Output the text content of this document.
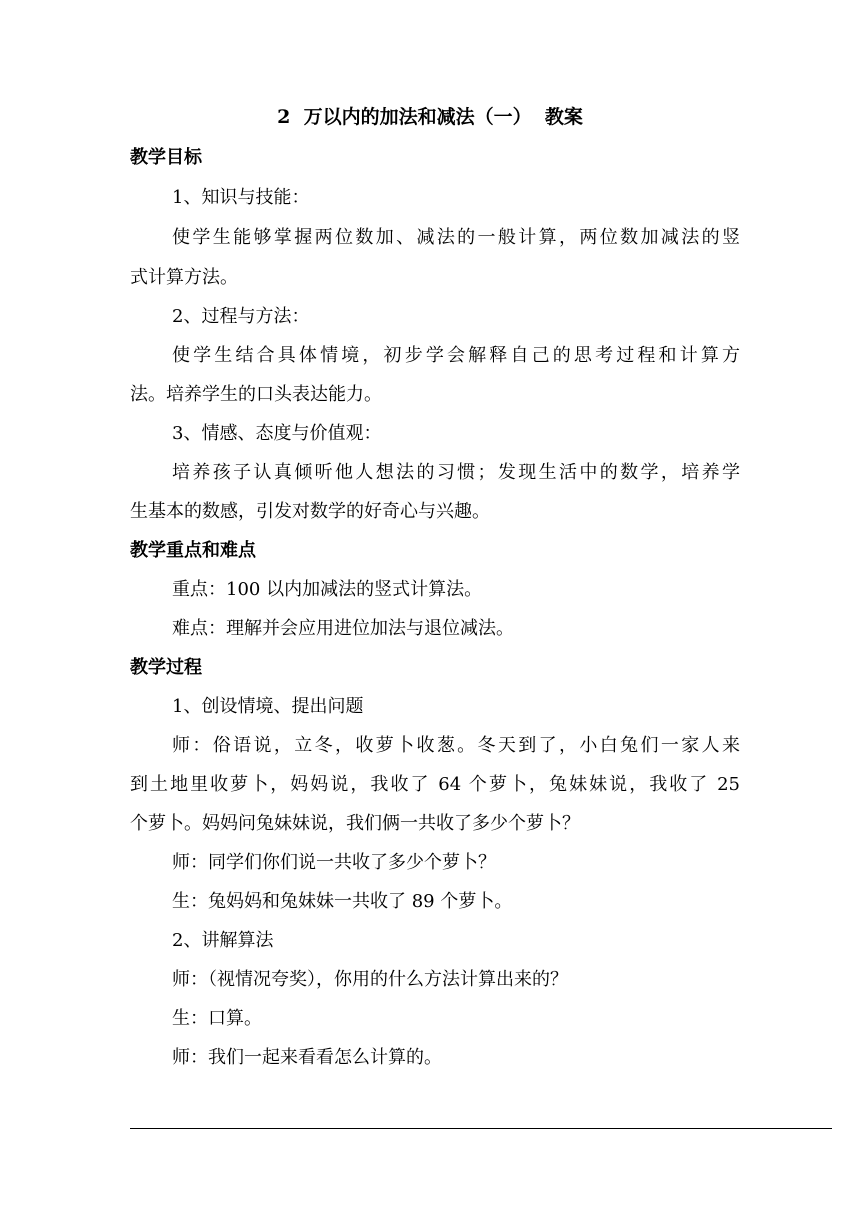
2  万以内的加法和减法（一）  教案
教学目标
1、知识与技能：
使学生能够掌握两位数加、减法的一般计算，两位数加减法的竖
式计算方法。
2、过程与方法：
使学生结合具体情境，初步学会解释自己的思考过程和计算方
法。培养学生的口头表达能力。
3、情感、态度与价值观：
培养孩子认真倾听他人想法的习惯；发现生活中的数学，培养学
生基本的数感，引发对数学的好奇心与兴趣。
教学重点和难点
重点：100 以内加减法的竖式计算法。
难点：理解并会应用进位加法与退位减法。
教学过程
1、创设情境、提出问题
师：俗语说，立冬，收萝卜收葱。冬天到了，小白兔们一家人来
到土地里收萝卜，妈妈说，我收了 64 个萝卜，兔妹妹说，我收了 25
个萝卜。妈妈问兔妹妹说，我们俩一共收了多少个萝卜？
师：同学们你们说一共收了多少个萝卜？
生：兔妈妈和兔妹妹一共收了 89 个萝卜。
2、讲解算法
师：（视情况夸奖），你用的什么方法计算出来的？
生：口算。
师：我们一起来看看怎么计算的。
